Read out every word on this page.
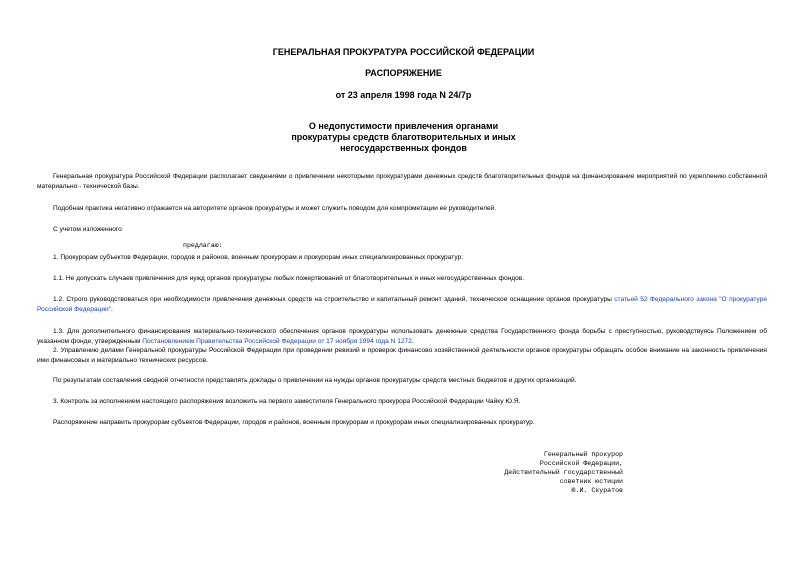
ГЕНЕРАЛЬНАЯ ПРОКУРАТУРА РОССИЙСКОЙ ФЕДЕРАЦИИ
РАСПОРЯЖЕНИЕ
от 23 апреля 1998 года N 24/7р
О недопустимости привлечения органами
прокуратуры средств благотворительных и иных
негосударственных фондов
Генеральная прокуратура Российской Федерации располагает сведениями о привлечении некоторыми прокуратурами денежных средств благотворительных фондов на финансирование мероприятий по укреплению собственной материально - технической базы.
Подобная практика негативно отражается на авторитете органов прокуратуры и может служить поводом для компрометации ее руководителей.
С учетом изложенного
предлагаю:
1. Прокурорам субъектов Федерации, городов и районов, военным прокурорам и прокурорам иных специализированных прокуратур:
1.1. Не допускать случаев привлечения для нужд органов прокуратуры любых пожертвований от благотворительных и иных негосударственных фондов.
1.2. Строго руководствоваться при необходимости привлечения денежных средств на строительство и капитальный ремонт зданий, техническое оснащение органов прокуратуры статьей 52 Федерального закона "О прокуратуре Российской Федерации".
1.3. Для дополнительного финансирования материально-технического обеспечения органов прокуратуры использовать денежные средства Государственного фонда борьбы с преступностью, руководствуясь Положением об указанном фонде, утвержденным Постановлением Правительства Российской Федерации от 17 ноября 1994 года N 1272.
2. Управлению делами Генеральной прокуратуры Российской Федерации при проведении ревизий и проверок финансово хозяйственной деятельности органов прокуратуры обращать особое внимание на законность привлечения ими финансовых и материально технических ресурсов.
По результатам составления сводной отчетности представлять доклады о привлечении на нужды органов прокуратуры средств местных бюджетов и других организаций.
3. Контроль за исполнением настоящего распоряжения возложить на первого заместителя Генерального прокурора Российской Федерации Чайку Ю.Я.
Распоряжение направить прокурорам субъектов Федерации, городов и районов, военным прокурорам и прокурорам иных специализированных прокуратур.
Генеральный прокурор
Российской Федерации,
Действительный государственный
советник юстиции
Ю.И. Скуратов
